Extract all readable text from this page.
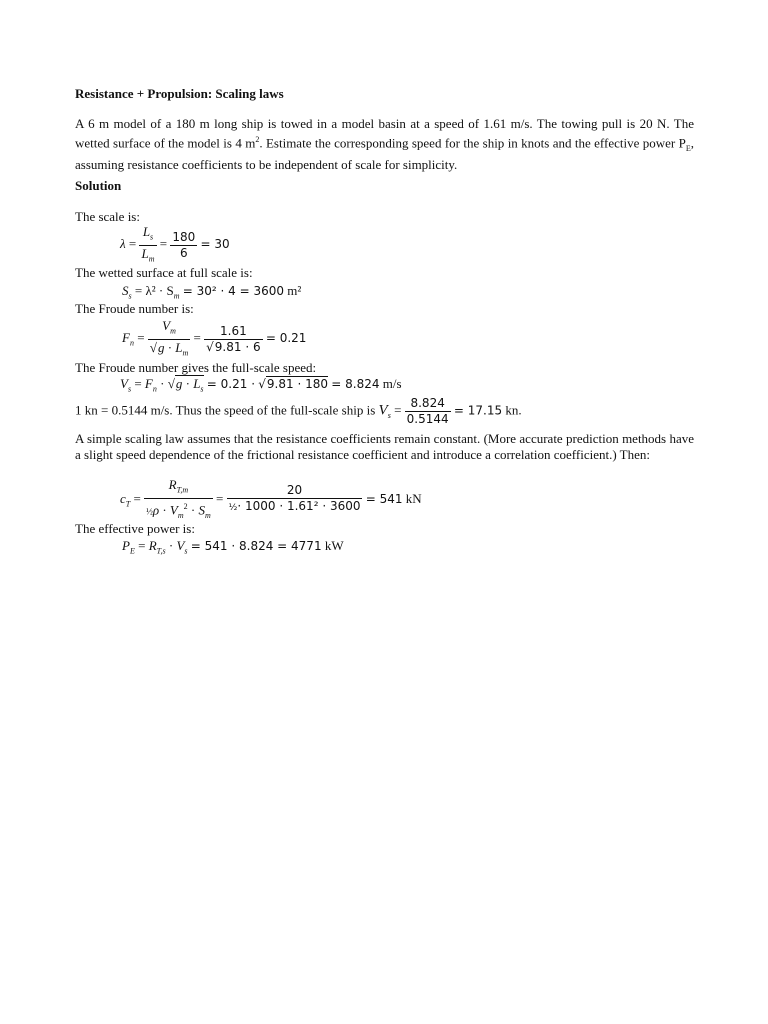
Resistance + Propulsion: Scaling laws
A 6 m model of a 180 m long ship is towed in a model basin at a speed of 1.61 m/s. The towing pull is 20 N. The wetted surface of the model is 4 $m^2$. Estimate the corresponding speed for the ship in knots and the effective power $P_E$, assuming resistance coefficients to be independent of scale for simplicity.
Solution
The scale is:
$\lambda = \frac{L_s}{L_m} = \frac{180}{6} = 30$
The wetted surface at full scale is:
$S_s = \lambda^2 \cdot S_m = 30^2 \cdot 4 = 3600$ m²
The Froude number is:
$F_n = \frac{V_m}{√g \cdot L_m} = \frac{1.61}{√9.81 \cdot 6} = 0.21$
The Froude number gives the full-scale speed:
$V_s = F_n \cdot √g \cdot L_s = 0.21 \cdot √9.81 \cdot 180 = 8.824$ m/s
1 kn = 0.5144 m/s. Thus the speed of the full-scale ship is $V_s = \frac{8.824}{0.5144} = 17.15$ kn.
A simple scaling law assumes that the resistance coefficients remain constant. (More accurate prediction methods have a slight speed dependence of the frictional resistance coefficient and introduce a correlation coefficient.) Then:
$c_T = \frac{R_{T,m}}{\frac{1}{2}\rho \cdot V_m^2 \cdot S_m} = \frac{20}{\text{½· 1000 · 1.61² · 3600}} = 541$ kN
The effective power is:
$P_E = R_{T,s} \cdot V_s = 541 \cdot 8.824 = 4771$ kW
